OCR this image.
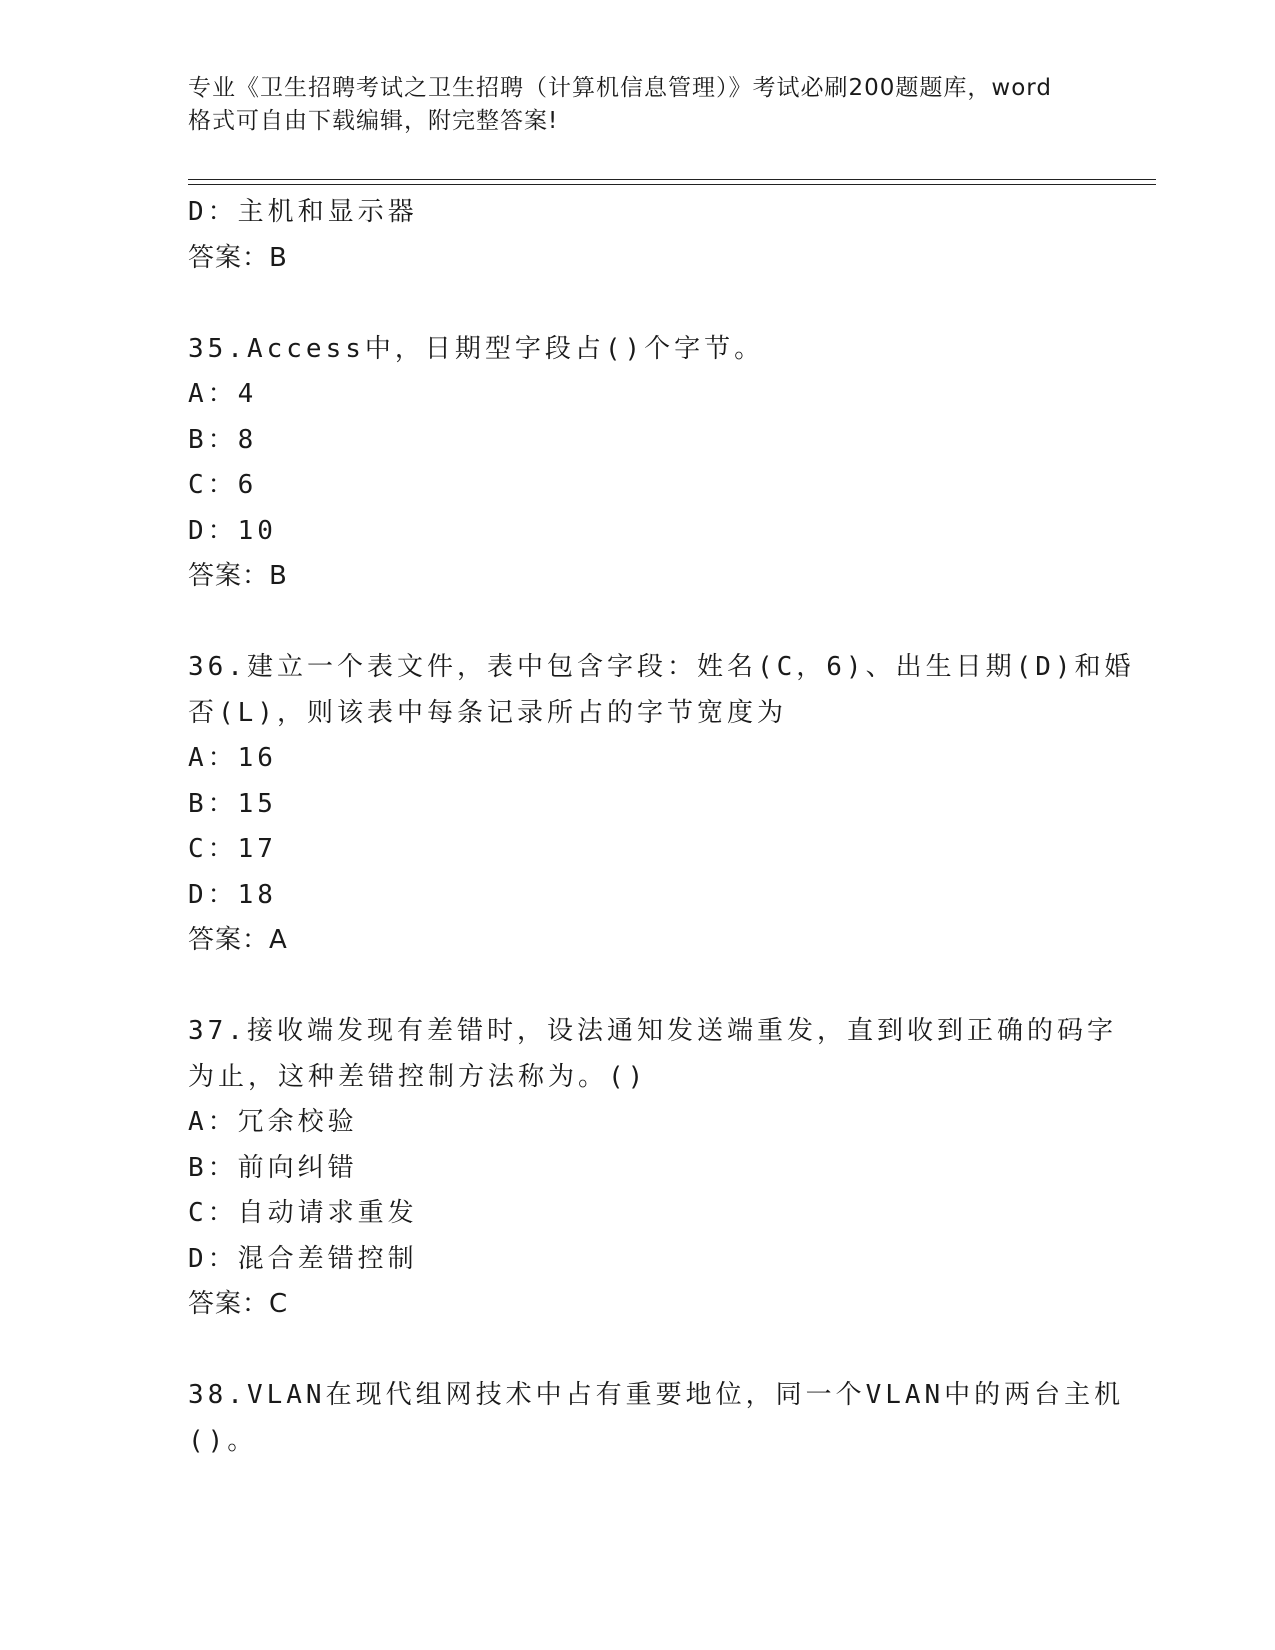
专业《卫生招聘考试之卫生招聘（计算机信息管理）》考试必刷200题题库，word
格式可自由下载编辑，附完整答案!
D：主机和显示器
答案：B
35.Access中，日期型字段占()个字节。
A：4
B：8
C：6
D：10
答案：B
36.建立一个表文件，表中包含字段：姓名(C，6)、出生日期(D)和婚
否(L)，则该表中每条记录所占的字节宽度为
A：16
B：15
C：17
D：18
答案：A
37.接收端发现有差错时，设法通知发送端重发，直到收到正确的码字
为止，这种差错控制方法称为。()
A：冗余校验
B：前向纠错
C：自动请求重发
D：混合差错控制
答案：C
38.VLAN在现代组网技术中占有重要地位，同一个VLAN中的两台主机
()。
